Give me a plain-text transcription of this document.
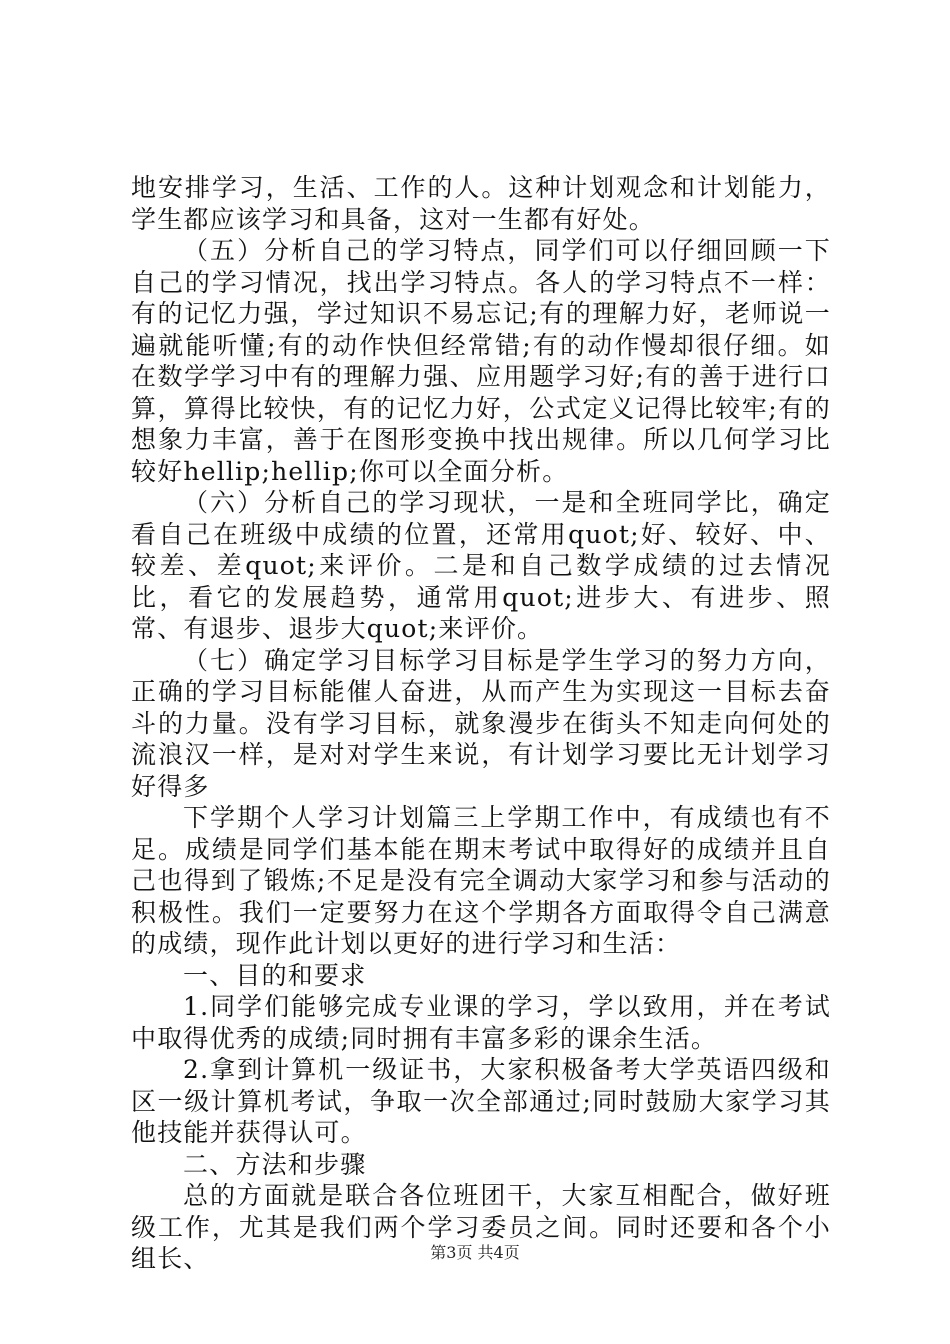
地安排学习，生活、工作的人。这种计划观念和计划能力，学生都应该学习和具备，这对一生都有好处。

（五）分析自己的学习特点，同学们可以仔细回顾一下自己的学习情况，找出学习特点。各人的学习特点不一样：有的记忆力强，学过知识不易忘记;有的理解力好，老师说一遍就能听懂;有的动作快但经常错;有的动作慢却很仔细。如在数学学习中有的理解力强、应用题学习好;有的善于进行口算，算得比较快，有的记忆力好，公式定义记得比较牢;有的想象力丰富，善于在图形变换中找出规律。所以几何学习比较好hellip;hellip;你可以全面分析。

（六）分析自己的学习现状，一是和全班同学比，确定看自己在班级中成绩的位置，还常用quot;好、较好、中、较差、差quot;来评价。二是和自己数学成绩的过去情况比，看它的发展趋势，通常用quot;进步大、有进步、照常、有退步、退步大quot;来评价。

（七）确定学习目标学习目标是学生学习的努力方向，正确的学习目标能催人奋进，从而产生为实现这一目标去奋斗的力量。没有学习目标，就象漫步在街头不知走向何处的流浪汉一样，是对对学生来说，有计划学习要比无计划学习好得多

下学期个人学习计划篇三上学期工作中，有成绩也有不足。成绩是同学们基本能在期末考试中取得好的成绩并且自己也得到了锻炼;不足是没有完全调动大家学习和参与活动的积极性。我们一定要努力在这个学期各方面取得令自己满意的成绩，现作此计划以更好的进行学习和生活：

一、目的和要求

1.同学们能够完成专业课的学习，学以致用，并在考试中取得优秀的成绩;同时拥有丰富多彩的课余生活。

2.拿到计算机一级证书，大家积极备考大学英语四级和区一级计算机考试，争取一次全部通过;同时鼓励大家学习其他技能并获得认可。

二、方法和步骤

总的方面就是联合各位班团干，大家互相配合，做好班级工作，尤其是我们两个学习委员之间。同时还要和各个小组长、	第3页 共4页
